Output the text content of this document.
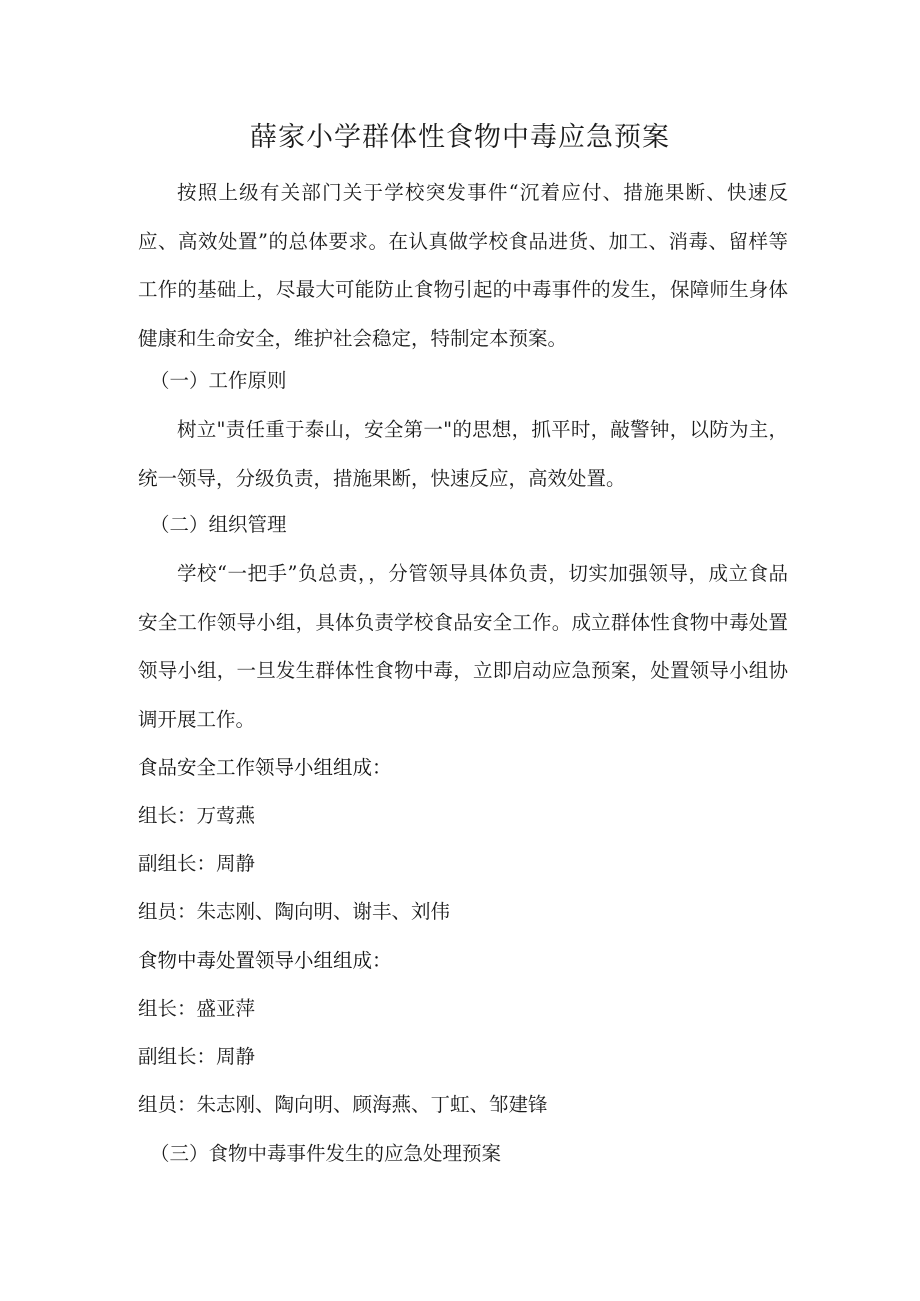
薛家小学群体性食物中毒应急预案

按照上级有关部门关于学校突发事件“沉着应付、措施果断、快速反应、高效处置”的总体要求。在认真做学校食品进货、加工、消毒、留样等工作的基础上，尽最大可能防止食物引起的中毒事件的发生，保障师生身体健康和生命安全，维护社会稳定，特制定本预案。

（一）工作原则

树立"责任重于泰山，安全第一"的思想，抓平时，敲警钟，以防为主，统一领导，分级负责，措施果断，快速反应，高效处置。

（二）组织管理

学校“一把手”负总责，，分管领导具体负责，切实加强领导，成立食品安全工作领导小组，具体负责学校食品安全工作。成立群体性食物中毒处置领导小组，一旦发生群体性食物中毒，立即启动应急预案，处置领导小组协调开展工作。

食品安全工作领导小组组成：
组长：万莺燕
副组长：周静
组员：朱志刚、陶向明、谢丰、刘伟
食物中毒处置领导小组组成：
组长：盛亚萍
副组长：周静
组员：朱志刚、陶向明、顾海燕、丁虹、邹建锋
（三）食物中毒事件发生的应急处理预案
